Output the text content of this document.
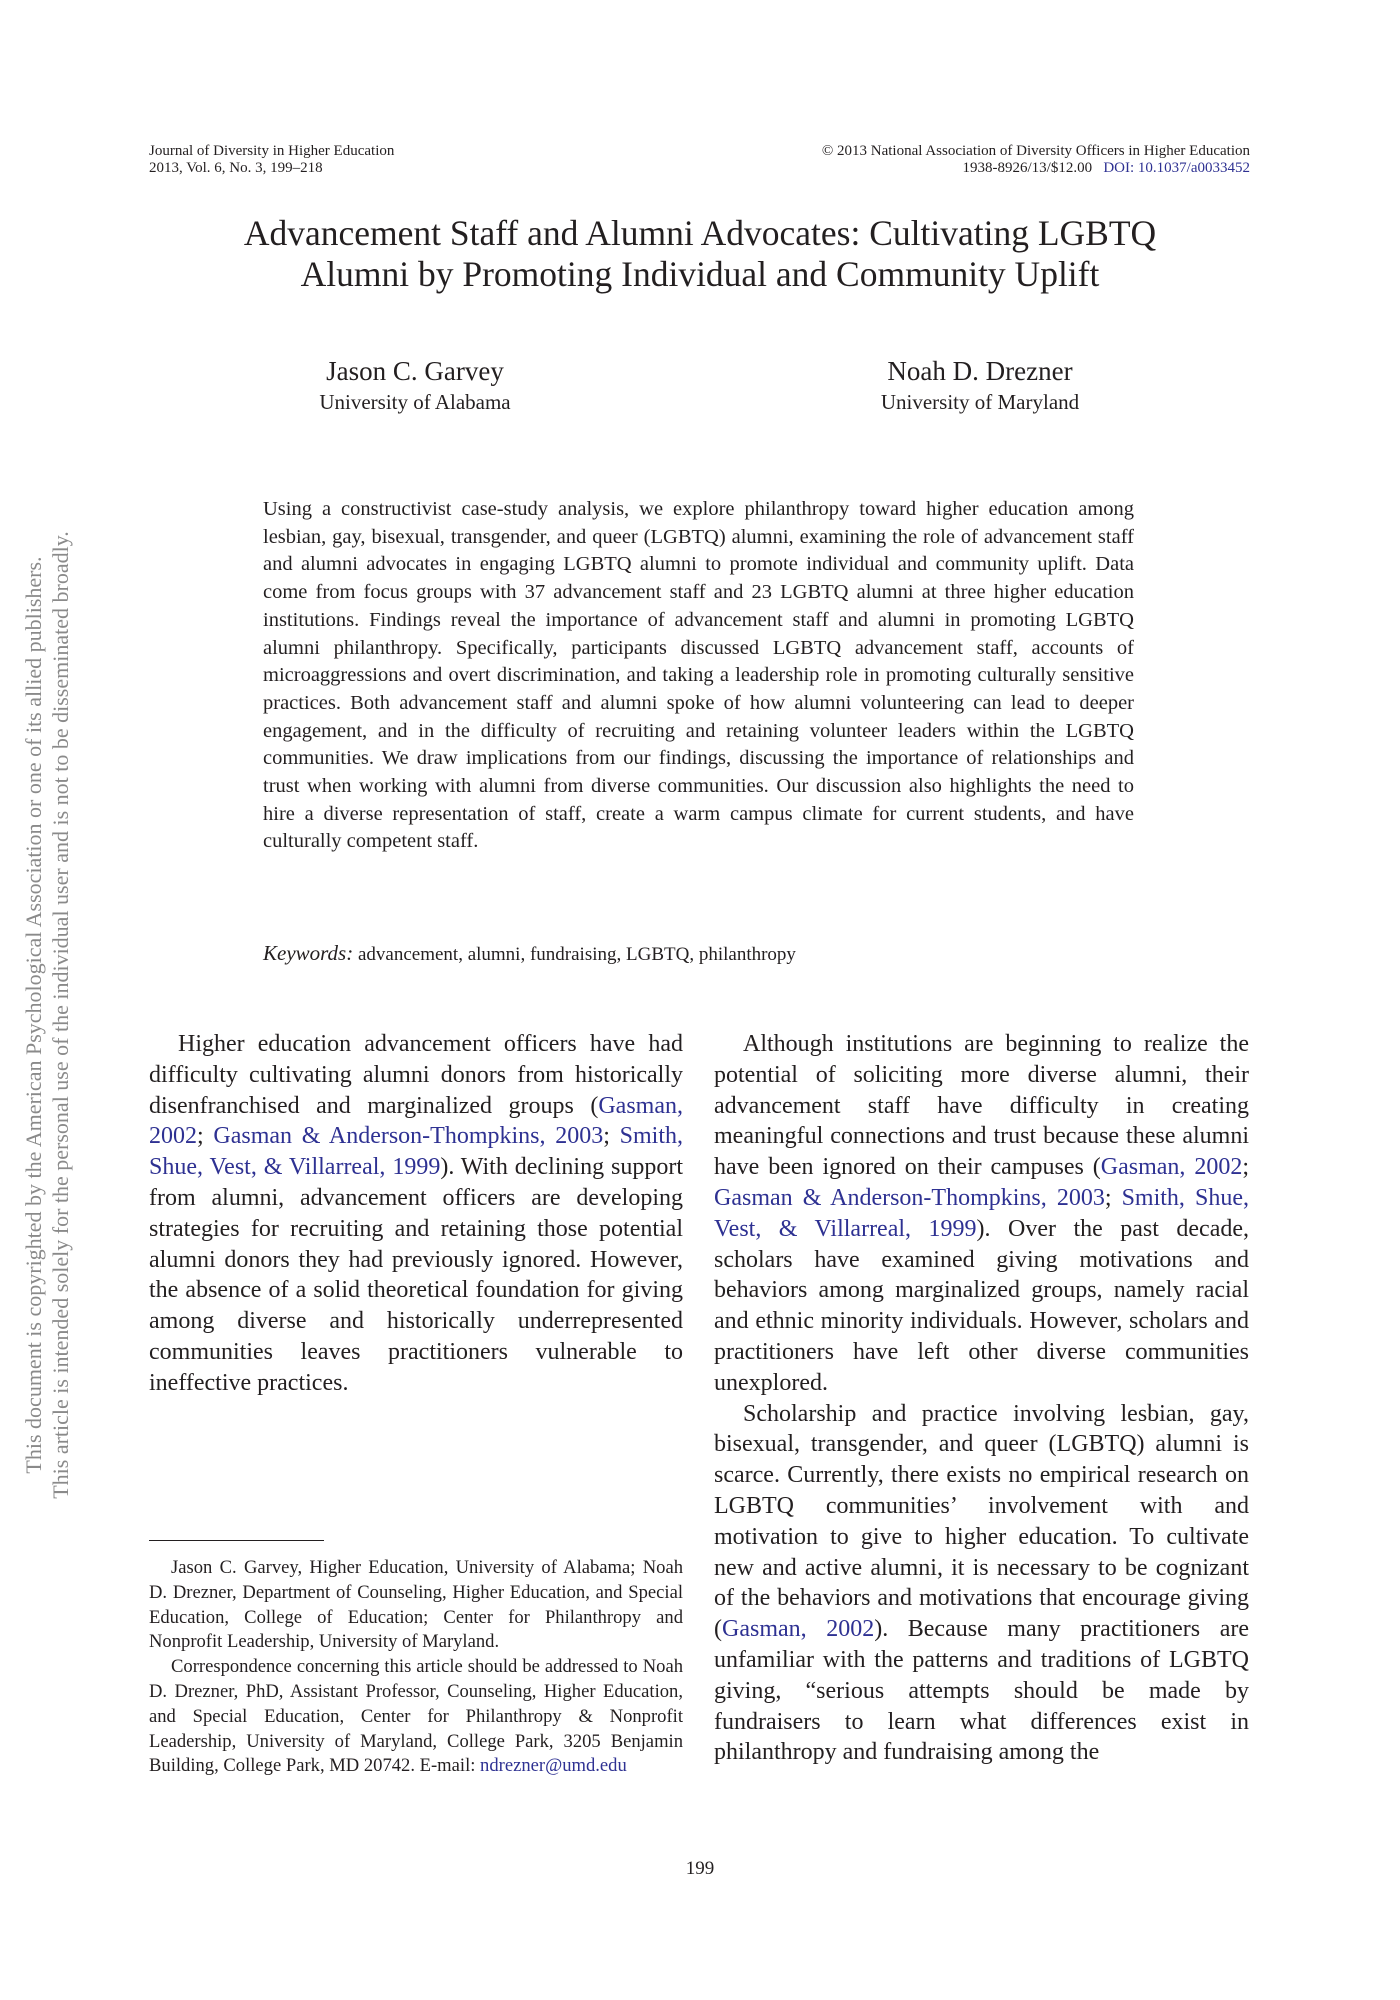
Journal of Diversity in Higher Education
2013, Vol. 6, No. 3, 199–218
© 2013 National Association of Diversity Officers in Higher Education
1938-8926/13/$12.00 DOI: 10.1037/a0033452
Advancement Staff and Alumni Advocates: Cultivating LGBTQ
Alumni by Promoting Individual and Community Uplift
Jason C. Garvey
University of Alabama
Noah D. Drezner
University of Maryland

Using a constructivist case-study analysis, we explore philanthropy toward higher education among lesbian, gay, bisexual, transgender, and queer (LGBTQ) alumni, examining the role of advancement staff and alumni advocates in engaging LGBTQ alumni to promote individual and community uplift. Data come from focus groups with 37 advancement staff and 23 LGBTQ alumni at three higher education institutions. Findings reveal the importance of advancement staff and alumni in promoting LGBTQ alumni philanthropy. Specifically, participants discussed LGBTQ advancement staff, accounts of microaggressions and overt discrimination, and taking a leadership role in promoting culturally sensitive practices. Both advancement staff and alumni spoke of how alumni volunteering can lead to deeper engagement, and in the difficulty of recruiting and retaining volunteer leaders within the LGBTQ communities. We draw implications from our findings, discussing the importance of relationships and trust when working with alumni from diverse communities. Our discussion also highlights the need to hire a diverse representation of staff, create a warm campus climate for current students, and have culturally competent staff.

Keywords: advancement, alumni, fundraising, LGBTQ, philanthropy

Higher education advancement officers have had difficulty cultivating alumni donors from historically disenfranchised and marginalized groups (Gasman, 2002; Gasman & Anderson-Thompkins, 2003; Smith, Shue, Vest, & Villarreal, 1999). With declining support from alumni, advancement officers are developing strategies for recruiting and retaining those potential alumni donors they had previously ignored. However, the absence of a solid theoretical foundation for giving among diverse and historically underrepresented communities leaves practitioners vulnerable to ineffective practices.

Although institutions are beginning to realize the potential of soliciting more diverse alumni, their advancement staff have difficulty in creating meaningful connections and trust because these alumni have been ignored on their campuses (Gasman, 2002; Gasman & Anderson-Thompkins, 2003; Smith, Shue, Vest, & Villarreal, 1999). Over the past decade, scholars have examined giving motivations and behaviors among marginalized groups, namely racial and ethnic minority individuals. However, scholars and practitioners have left other diverse communities unexplored.

Scholarship and practice involving lesbian, gay, bisexual, transgender, and queer (LGBTQ) alumni is scarce. Currently, there exists no empirical research on LGBTQ communities’ involvement with and motivation to give to higher education. To cultivate new and active alumni, it is necessary to be cognizant of the behaviors and motivations that encourage giving (Gasman, 2002). Because many practitioners are unfamiliar with the patterns and traditions of LGBTQ giving, “serious attempts should be made by fundraisers to learn what differences exist in philanthropy and fundraising among the

Jason C. Garvey, Higher Education, University of Alabama; Noah D. Drezner, Department of Counseling, Higher Education, and Special Education, College of Education; Center for Philanthropy and Nonprofit Leadership, University of Maryland.

Correspondence concerning this article should be addressed to Noah D. Drezner, PhD, Assistant Professor, Counseling, Higher Education, and Special Education, Center for Philanthropy & Nonprofit Leadership, University of Maryland, College Park, 3205 Benjamin Building, College Park, MD 20742. E-mail: ndrezner@umd.edu

199
This document is copyrighted by the American Psychological Association or one of its allied publishers. This article is intended solely for the personal use of the individual user and is not to be disseminated broadly.
